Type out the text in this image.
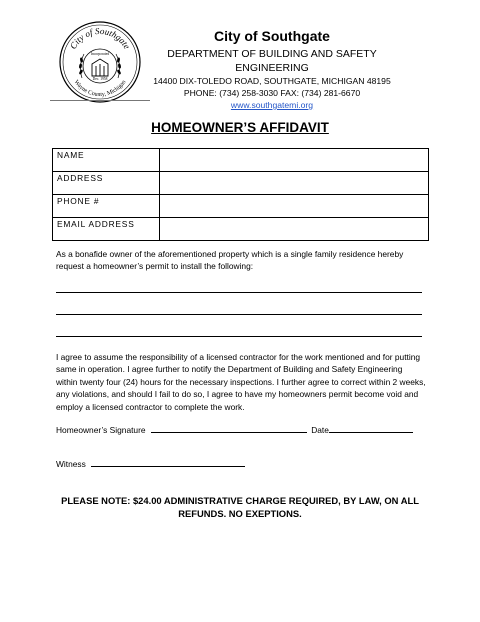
City of Southgate
Wayne County, Michigan
Incorporated
Dec. 1958
City of Southgate
DEPARTMENT OF BUILDING AND SAFETY ENGINEERING
14400 DIX-TOLEDO ROAD, SOUTHGATE, MICHIGAN 48195
PHONE: (734) 258-3030 FAX: (734) 281-6670
www.southgatemi.org
HOMEOWNER’S AFFIDAVIT
NAME	
ADDRESS	
PHONE #	
EMAIL ADDRESS	
As a bonafide owner of the aforementioned property which is a single family residence hereby request a homeowner’s permit to install the following:
I agree to assume the responsibility of a licensed contractor for the work mentioned and for putting same in operation. I agree further to notify the Department of Building and Safety Engineering within twenty four (24) hours for the necessary inspections. I further agree to correct within 2 weeks, any violations, and should I fail to do so, I agree to have my homeowners permit become void and employ a licensed contractor to complete the work.
Homeowner’s Signature	Date
Witness
PLEASE NOTE: $24.00 ADMINISTRATIVE CHARGE REQUIRED, BY LAW, ON ALL
REFUNDS. NO EXEPTIONS.
